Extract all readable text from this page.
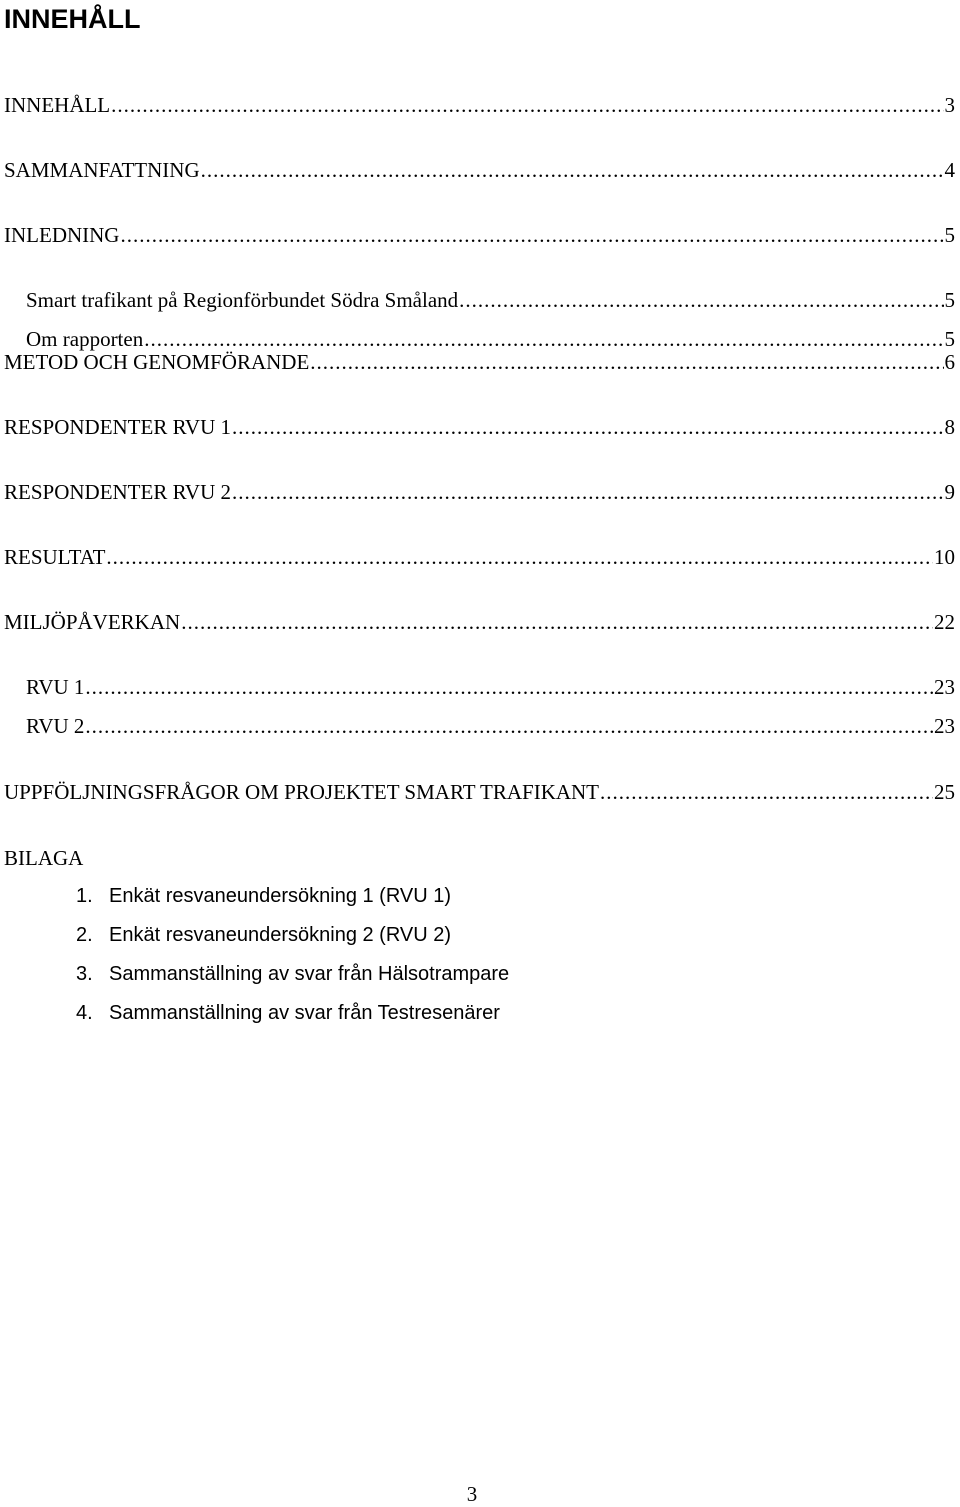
INNEHÅLL
INNEHÅLL .....	3
SAMMANFATTNING .....	4
INLEDNING .....	5
Smart trafikant på Regionförbundet Södra Småland .....	5
Om rapporten .....	5
METOD OCH GENOMFÖRANDE .....	6
RESPONDENTER RVU 1 .....	8
RESPONDENTER RVU 2 .....	9
RESULTAT .....	10
MILJÖPÅVERKAN .....	22
RVU 1 .....	23
RVU 2 .....	23
UPPFÖLJNINGSFRÅGOR OM PROJEKTET SMART TRAFIKANT .....	25
BILAGA
1. Enkät resvaneundersökning 1 (RVU 1)
2. Enkät resvaneundersökning 2 (RVU 2)
3. Sammanställning av svar från Hälsotrampare
4. Sammanställning av svar från Testresenärer
3
